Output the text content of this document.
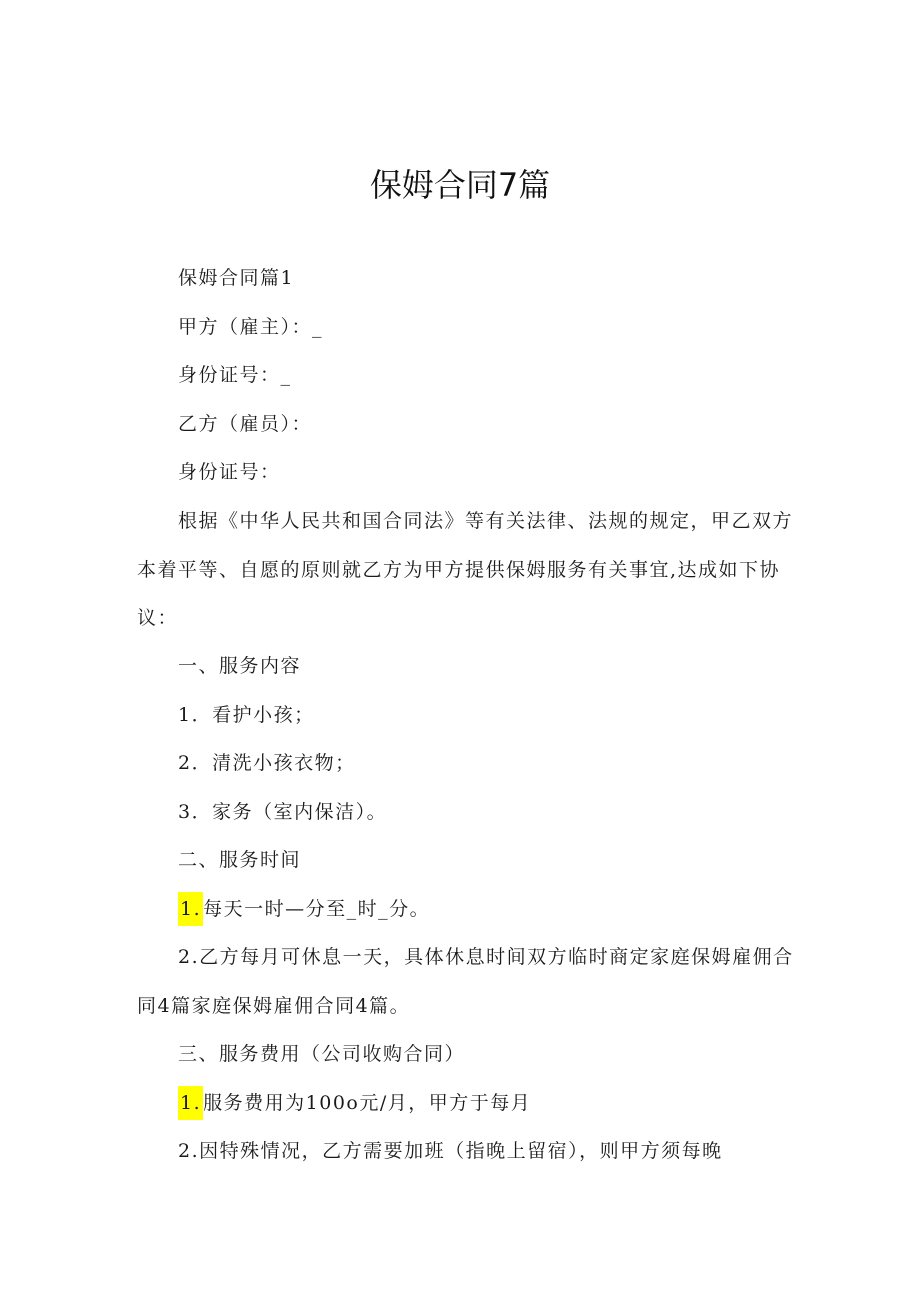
保姆合同7篇
保姆合同篇1
甲方（雇主）：_
身份证号：_
乙方（雇员）：
身份证号：
根据《中华人民共和国合同法》等有关法律、法规的规定，甲乙双方
本着平等、自愿的原则就乙方为甲方提供保姆服务有关事宜,达成如下协
议：
一、服务内容
1．看护小孩；
2．清洗小孩衣物；
3．家务（室内保洁）。
二、服务时间
1. 每天一时—分至_时_分。
2.乙方每月可休息一天，具体休息时间双方临时商定家庭保姆雇佣合
同4篇家庭保姆雇佣合同4篇。
三、服务费用（公司收购合同）
1. 服务费用为100o元/月，甲方于每月
2.因特殊情况，乙方需要加班（指晚上留宿），则甲方须每晚
